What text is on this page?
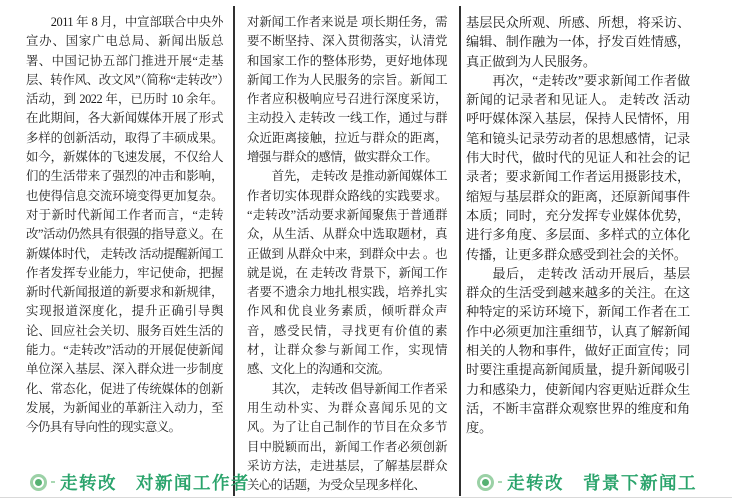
2011 年 8 月，中宣部联合中央外宣办、国家广电总局、新闻出版总署、中国记协五部门推进开展“走基层、转作风、改文风”（简称“走转改”）活动，到 2022 年，已历时 10 余年。在此期间，各大新闻媒体开展了形式多样的创新活动，取得了丰硕成果。如今，新媒体的飞速发展，不仅给人们的生活带来了强烈的冲击和影响，也使得信息交流环境变得更加复杂。对于新时代新闻工作者而言，“走转改”活动仍然具有很强的指导意义。在新媒体时代， 走转改 活动提醒新闻工作者发挥专业能力，牢记使命，把握新时代新闻报道的新要求和新规律，实现报道深度化，提升正确引导舆论、回应社会关切、服务百姓生活的能力。“走转改”活动的开展促使新闻单位深入基层、深入群众进一步制度化、常态化，促进了传统媒体的创新发展，为新闻业的革新注入动力，至今仍具有导向性的现实意义。

对新闻工作者来说是 项长期任务，需要不断坚持、深入贯彻落实，认清党和国家工作的整体形势，更好地体现新闻工作为人民服务的宗旨。新闻工作者应积极响应号召进行深度采访，主动投入 走转改 一线工作，通过与群众近距离接触，拉近与群众的距离，增强与群众的感情，做实群众工作。

首先， 走转改 是推动新闻媒体工作者切实体现群众路线的实践要求。“走转改”活动要求新闻聚焦于普通群众，从生活、从群众中选取题材，真正做到 从群众中来，到群众中去 。也就是说，在 走转改 背景下，新闻工作者要不遗余力地扎根实践，培养扎实作风和优良业务素质，倾听群众声音，感受民情，寻找更有价值的素材，让群众参与新闻工作，实现情感、文化上的沟通和交流。

其次， 走转改 倡导新闻工作者采用生动朴实、为群众喜闻乐见的文风。为了让自己制作的节目在众多节目中脱颖而出，新闻工作者必须创新采访方法，走进基层，了解基层群众关心的话题，为受众呈现多样化、

基层民众所观、所感、所想，将采访、编辑、制作融为一体，抒发百姓情感，真正做到为人民服务。

再次，“走转改”要求新闻工作者做新闻的记录者和见证人。 走转改 活动呼吁媒体深入基层，保持人民情怀，用笔和镜头记录劳动者的思想感情，记录伟大时代，做时代的见证人和社会的记录者；要求新闻工作者运用摄影技术，缩短与基层群众的距离，还原新闻事件本质；同时，充分发挥专业媒体优势，进行多角度、多层面、多样式的立体化传播，让更多群众感受到社会的关怀。

最后， 走转改 活动开展后，基层群众的生活受到越来越多的关注。在这种特定的采访环境下，新闻工作者在工作中必须更加注重细节，认真了解新闻相关的人物和事件，做好正面宣传；同时要注重提高新闻质量，提升新闻吸引力和感染力，使新闻内容更贴近群众生活，不断丰富群众观察世界的维度和角度。

走转改　对新闻工作者

	走转改　背景下新闻工
